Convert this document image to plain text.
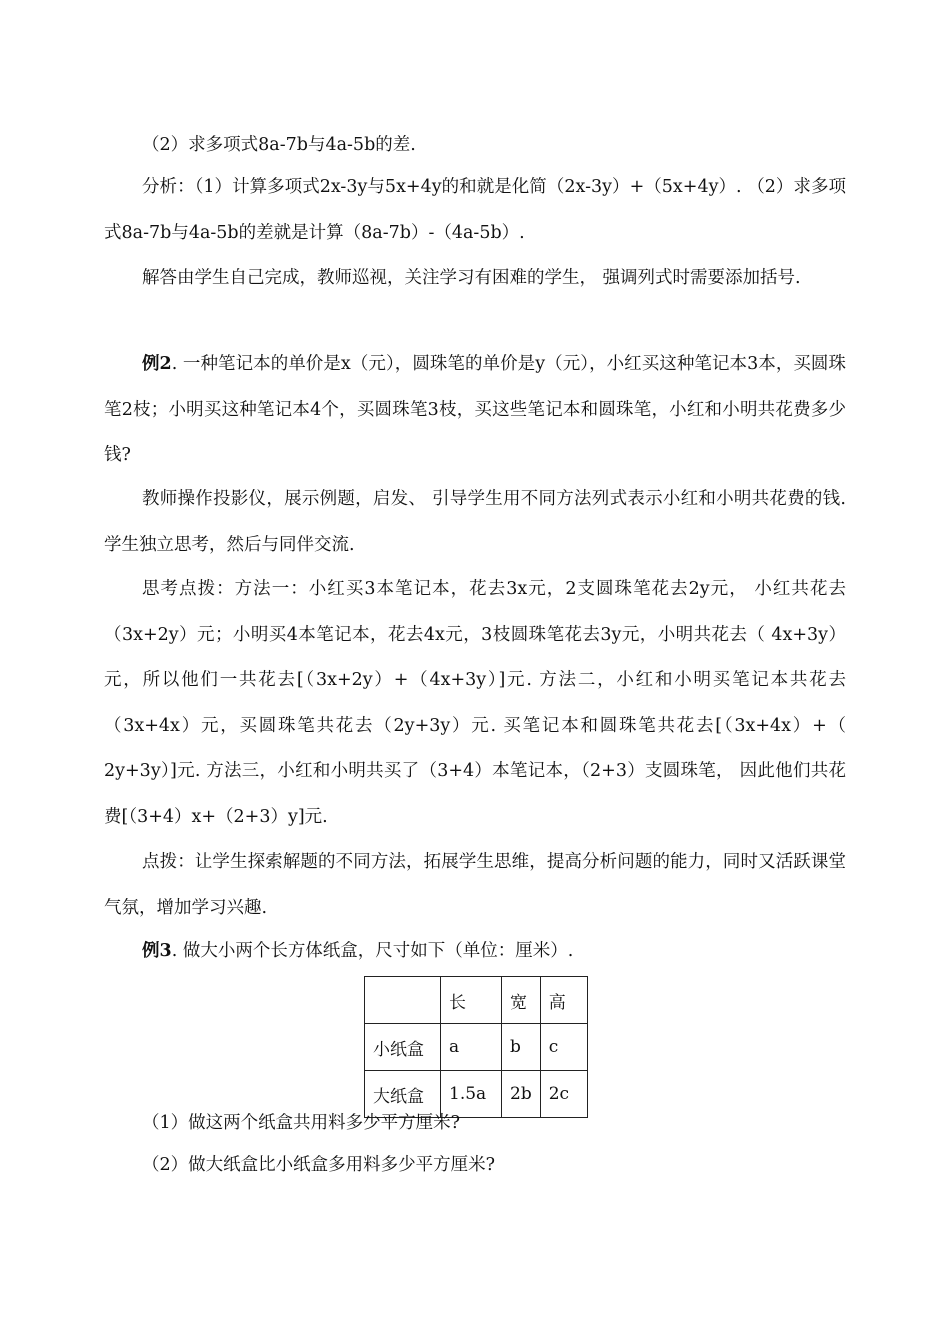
（2）求多项式8a-7b与4a-5b的差.

分析：（1）计算多项式2x-3y与5x+4y的和就是化简（2x-3y）+（5x+4y）. （2）求多项式8a-7b与4a-5b的差就是计算（8a-7b）-（4a-5b）.

解答由学生自己完成，教师巡视，关注学习有困难的学生， 强调列式时需要添加括号.

例2. 一种笔记本的单价是x（元），圆珠笔的单价是y（元），小红买这种笔记本3本，买圆珠笔2枝；小明买这种笔记本4个，买圆珠笔3枝，买这些笔记本和圆珠笔，小红和小明共花费多少钱?

教师操作投影仪，展示例题，启发、 引导学生用不同方法列式表示小红和小明共花费的钱. 学生独立思考，然后与同伴交流.

思考点拨：方法一：小红买3本笔记本，花去3x元，2支圆珠笔花去2y元， 小红共花去（3x+2y）元；小明买4本笔记本，花去4x元，3枝圆珠笔花去3y元，小明共花去（ 4x+3y）元，所以他们一共花去[（3x+2y）+（4x+3y）]元. 方法二，小红和小明买笔记本共花去（3x+4x）元，买圆珠笔共花去（2y+3y）元. 买笔记本和圆珠笔共花去[（3x+4x）+（ 2y+3y）]元. 方法三，小红和小明共买了（3+4）本笔记本，（2+3）支圆珠笔， 因此他们共花费[（3+4）x+（2+3）y]元.

点拨：让学生探索解题的不同方法，拓展学生思维，提高分析问题的能力，同时又活跃课堂气氛，增加学习兴趣.

例3. 做大小两个长方体纸盒，尺寸如下（单位：厘米）.

	长	宽	高
小纸盒	a	b	c
大纸盒	1.5a	2b	2c

（1）做这两个纸盒共用料多少平方厘米?

（2）做大纸盒比小纸盒多用料多少平方厘米?
